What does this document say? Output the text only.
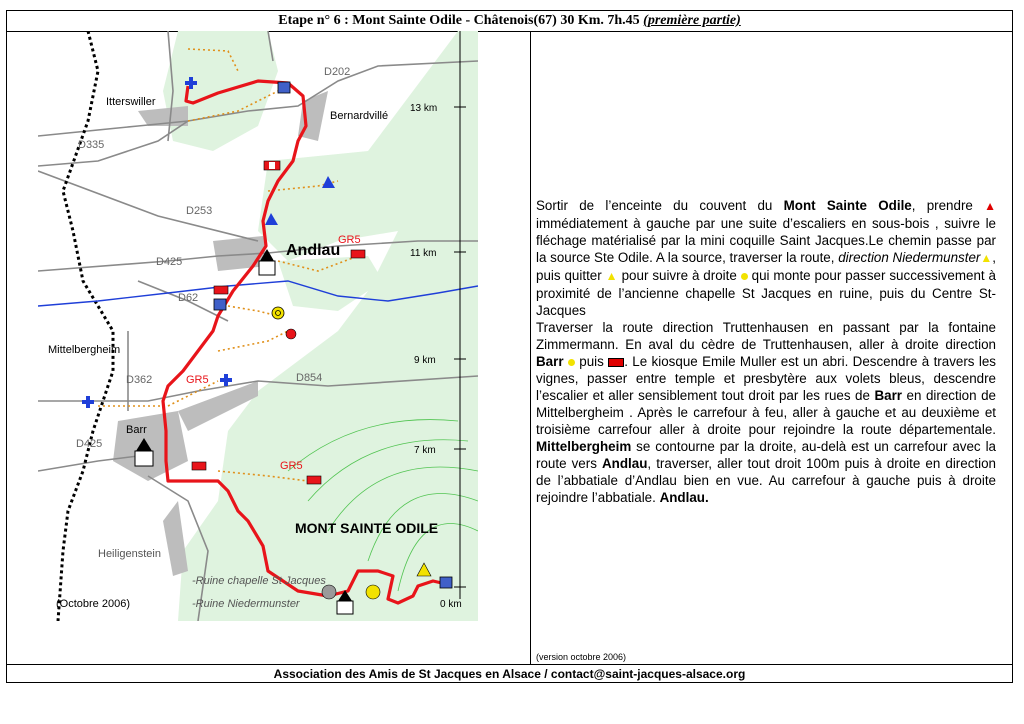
Etape n° 6 : Mont Sainte Odile - Châtenois(67) 30 Km. 7h.45 (première partie)
Itterswiller
Bernardvillé
Andlau
Mittelbergheim
Barr
Heiligenstein
MONT SAINTE ODILE
D202
D335
D253
D425
D62
D362	D854
D425
GR5
GR5
GR5
13 km
11 km
9 km
7 km
0 km
-Ruine chapelle St Jacques
-Ruine Niedermunster
(Octobre 2006)

Sortir de l’enceinte du couvent du Mont Sainte Odile, prendre ▲ immédiatement à gauche par une suite d’escaliers en sous-bois , suivre le fléchage matérialisé par la mini coquille Saint Jacques.Le chemin passe par la source Ste Odile. A la source, traverser la route, direction Niedermunster▲, puis quitter ▲ pour suivre à droite  qui monte pour passer successivement à proximité de l’ancienne chapelle St Jacques en ruine, puis du Centre St-Jacques

Traverser la route direction Truttenhausen en passant par la fontaine Zimmermann. En aval du cèdre de Truttenhausen, aller à droite direction Barr  puis . Le kiosque Emile Muller est un abri. Descendre à travers les vignes, passer entre temple et presbytère aux volets bleus, descendre l’escalier et aller sensiblement tout droit par les rues de Barr en direction de Mittelbergheim . Après le carrefour à feu, aller à gauche et au deuxième et troisième carrefour aller à droite pour rejoindre la route départementale. Mittelbergheim se contourne par la droite, au-delà est un carrefour avec la route vers Andlau, traverser, aller tout droit 100m puis à droite en direction de l’abbatiale d’Andlau bien en vue. Au carrefour à gauche puis à droite rejoindre l’abbatiale. Andlau.

(version octobre 2006)
Association des Amis de St Jacques en Alsace / contact@saint-jacques-alsace.org
